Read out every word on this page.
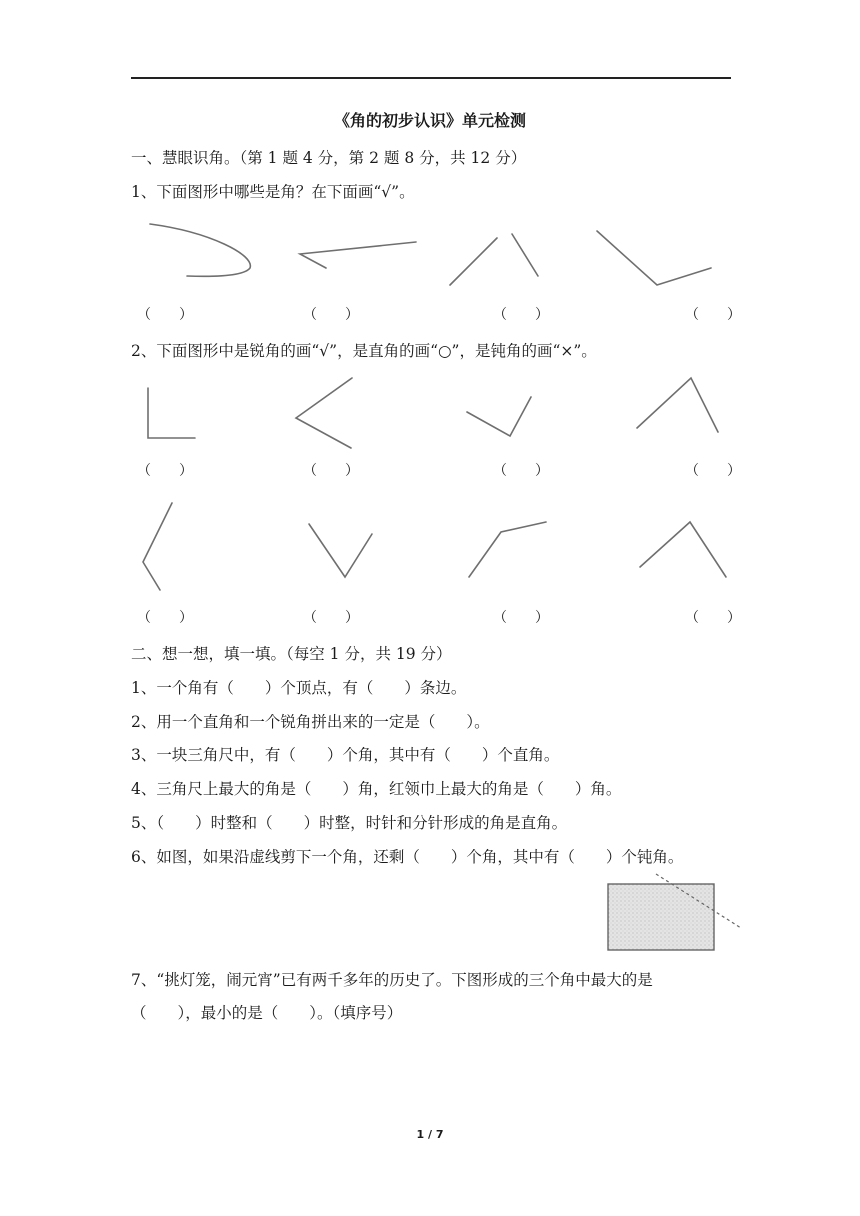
《角的初步认识》单元检测
一、慧眼识角。（第 1 题 4 分，第 2 题 8 分，共 12 分）
1、下面图形中哪些是角？在下面画“√”。
（　　）	（　　）	（　　）	（　　）
2、下面图形中是锐角的画“√”，是直角的画“○”，是钝角的画“×”。
（　　）	（　　）	（　　）	（　　）
（　　）	（　　）	（　　）	（　　）
二、想一想，填一填。（每空 1 分，共 19 分）
1、一个角有（　　）个顶点，有（　　）条边。
2、用一个直角和一个锐角拼出来的一定是（　　）。
3、一块三角尺中，有（　　）个角，其中有（　　）个直角。
4、三角尺上最大的角是（　　）角，红领巾上最大的角是（　　）角。
5、（　　）时整和（　　）时整，时针和分针形成的角是直角。
6、如图，如果沿虚线剪下一个角，还剩（　　）个角，其中有（　　）个钝角。
7、“挑灯笼，闹元宵”已有两千多年的历史了。下图形成的三个角中最大的是
（　　），最小的是（　　）。（填序号）
1 / 7
